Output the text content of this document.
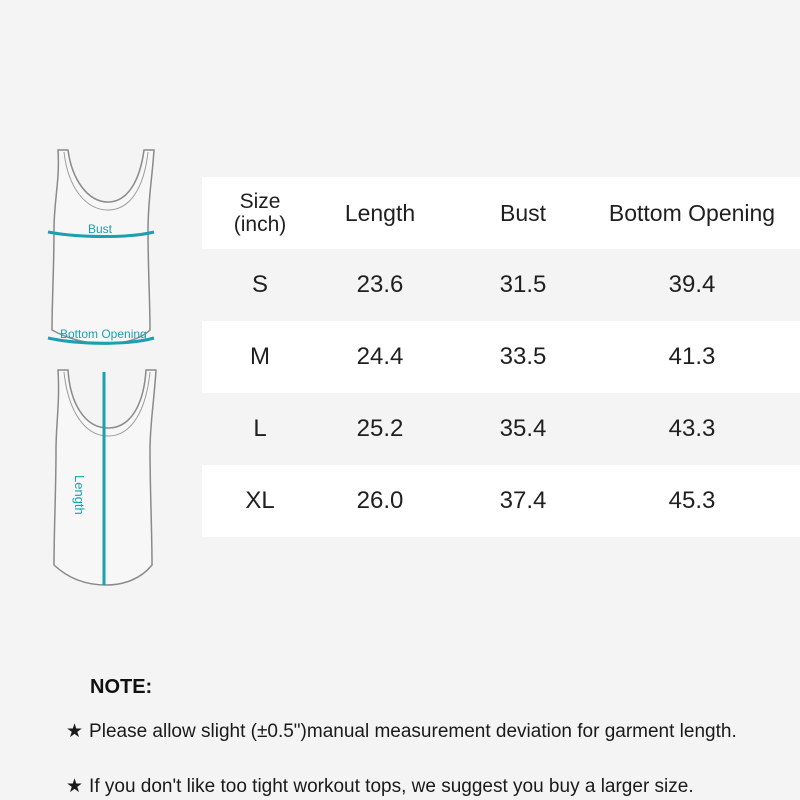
Bust
Bottom Opening
Length
Size
(inch)	Length	Bust	Bottom Opening
S	23.6	31.5	39.4
M	24.4	33.5	41.3
L	25.2	35.4	43.3
XL	26.0	37.4	45.3
NOTE:
★ Please allow slight (±0.5")manual measurement deviation for garment length.
★ If you don't like too tight workout tops, we suggest you buy a larger size.
